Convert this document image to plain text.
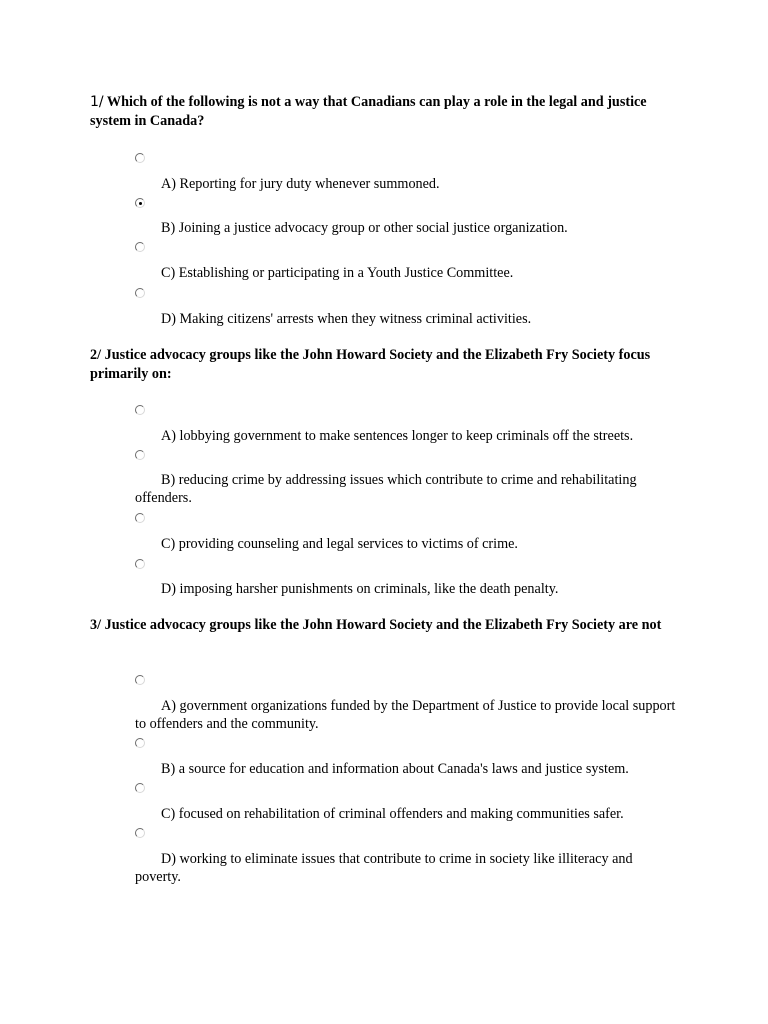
1/ Which of the following is not a way that Canadians can play a role in the legal and justice system in Canada?

A) Reporting for jury duty whenever summoned.

B) Joining a justice advocacy group or other social justice organization.

C) Establishing or participating in a Youth Justice Committee.

D) Making citizens' arrests when they witness criminal activities.

2/ Justice advocacy groups like the John Howard Society and the Elizabeth Fry Society focus primarily on:

A) lobbying government to make sentences longer to keep criminals off the streets.

B) reducing crime by addressing issues which contribute to crime and rehabilitating offenders.

C) providing counseling and legal services to victims of crime.

D) imposing harsher punishments on criminals, like the death penalty.

3/ Justice advocacy groups like the John Howard Society and the Elizabeth Fry Society are not

A) government organizations funded by the Department of Justice to provide local support to offenders and the community.

B) a source for education and information about Canada's laws and justice system.

C) focused on rehabilitation of criminal offenders and making communities safer.

D) working to eliminate issues that contribute to crime in society like illiteracy and poverty.
